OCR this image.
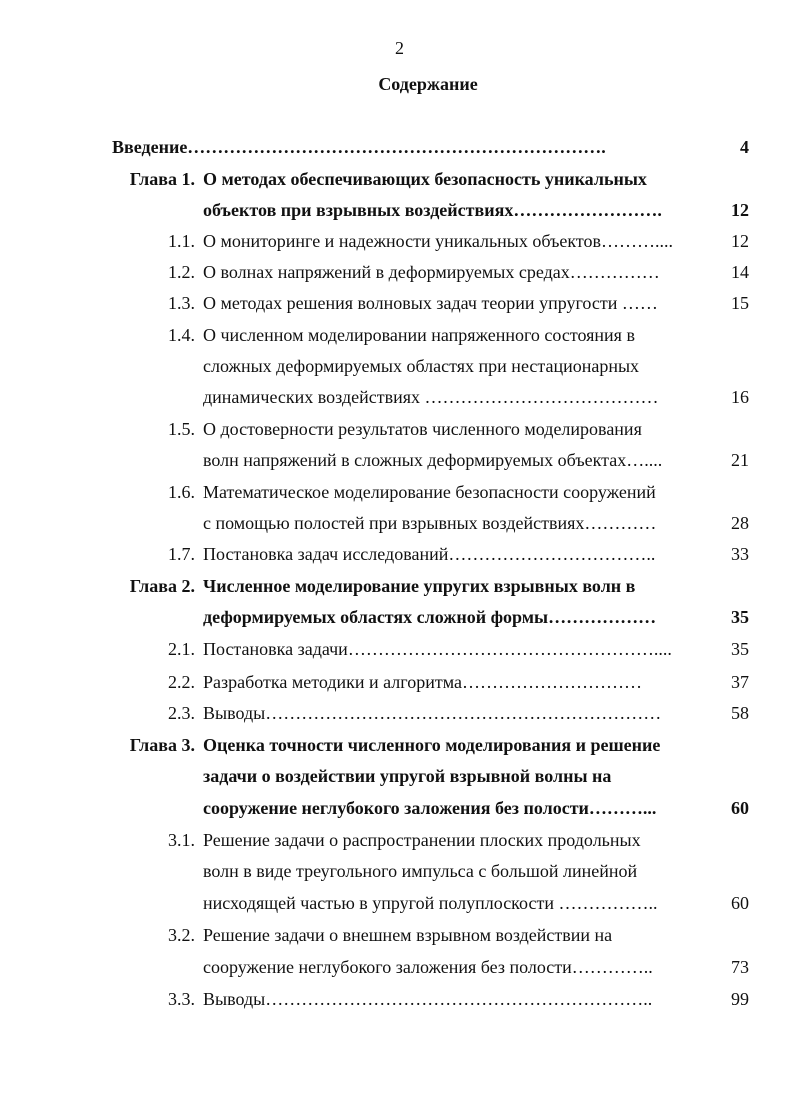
2
Содержание
Введение…………………………………………………………….	4
Глава 1. О методах обеспечивающих безопасность уникальных
объектов при взрывных воздействиях…………………….	12
1.1. О мониторинге и надежности уникальных объектов………....	12
1.2. О волнах напряжений в деформируемых средах……………	14
1.3. О методах решения волновых задач теории упругости ……	15
1.4. О численном моделировании напряженного состояния в
сложных деформируемых областях при нестационарных
динамических воздействиях …………………………………	16
1.5. О достоверности результатов численного моделирования
волн напряжений в сложных деформируемых объектах…....	21
1.6. Математическое моделирование безопасности сооружений
с помощью полостей при взрывных воздействиях…………	28
1.7. Постановка задач исследований……………………………..	33
Глава 2. Численное моделирование упругих взрывных волн в
деформируемых областях сложной формы………………	35
2.1. Постановка задачи……………………………………………....	35
2.2. Разработка методики и алгоритма…………………………	37
2.3. Выводы…………………………………………………………	58
Глава 3. Оценка точности численного моделирования и решение
задачи о воздействии упругой взрывной волны на
сооружение неглубокого заложения без полости………...	60
3.1. Решение задачи о распространении плоских продольных
волн в виде треугольного импульса с большой линейной
нисходящей частью в упругой полуплоскости ……………..	60
3.2. Решение задачи о внешнем взрывном воздействии на
сооружение неглубокого заложения без полости…………..	73
3.3. Выводы………………………………………………………..	99
